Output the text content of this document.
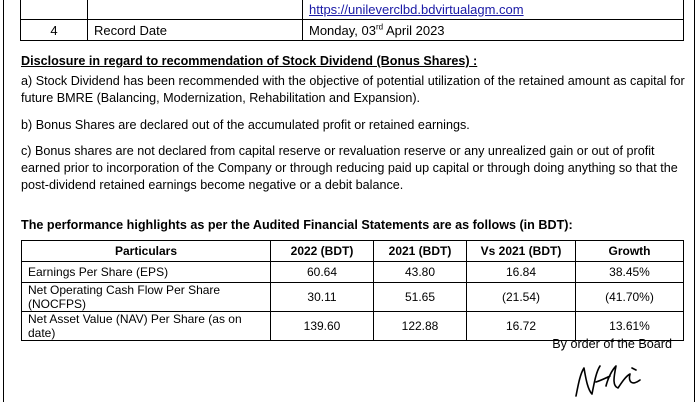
		https://unileverclbd.bdvirtualagm.com
4	Record Date	Monday, 03rd April 2023
Disclosure in regard to recommendation of Stock Dividend (Bonus Shares) :

a) Stock Dividend has been recommended with the objective of potential utilization of the retained amount as capital for future BMRE (Balancing, Modernization, Rehabilitation and Expansion).

b) Bonus Shares are declared out of the accumulated profit or retained earnings.

c) Bonus shares are not declared from capital reserve or revaluation reserve or any unrealized gain or out of profit earned prior to incorporation of the Company or through reducing paid up capital or through doing anything so that the post-dividend retained earnings become negative or a debit balance.

The performance highlights as per the Audited Financial Statements are as follows (in BDT):
Particulars	2022 (BDT)	2021 (BDT)	Vs 2021 (BDT)	Growth
Earnings Per Share (EPS)	60.64	43.80	16.84	38.45%
Net Operating Cash Flow Per Share (NOCFPS)	30.11	51.65	(21.54)	(41.70%)
Net Asset Value (NAV) Per Share (as on date)	139.60	122.88	16.72	13.61%
By order of the Board
